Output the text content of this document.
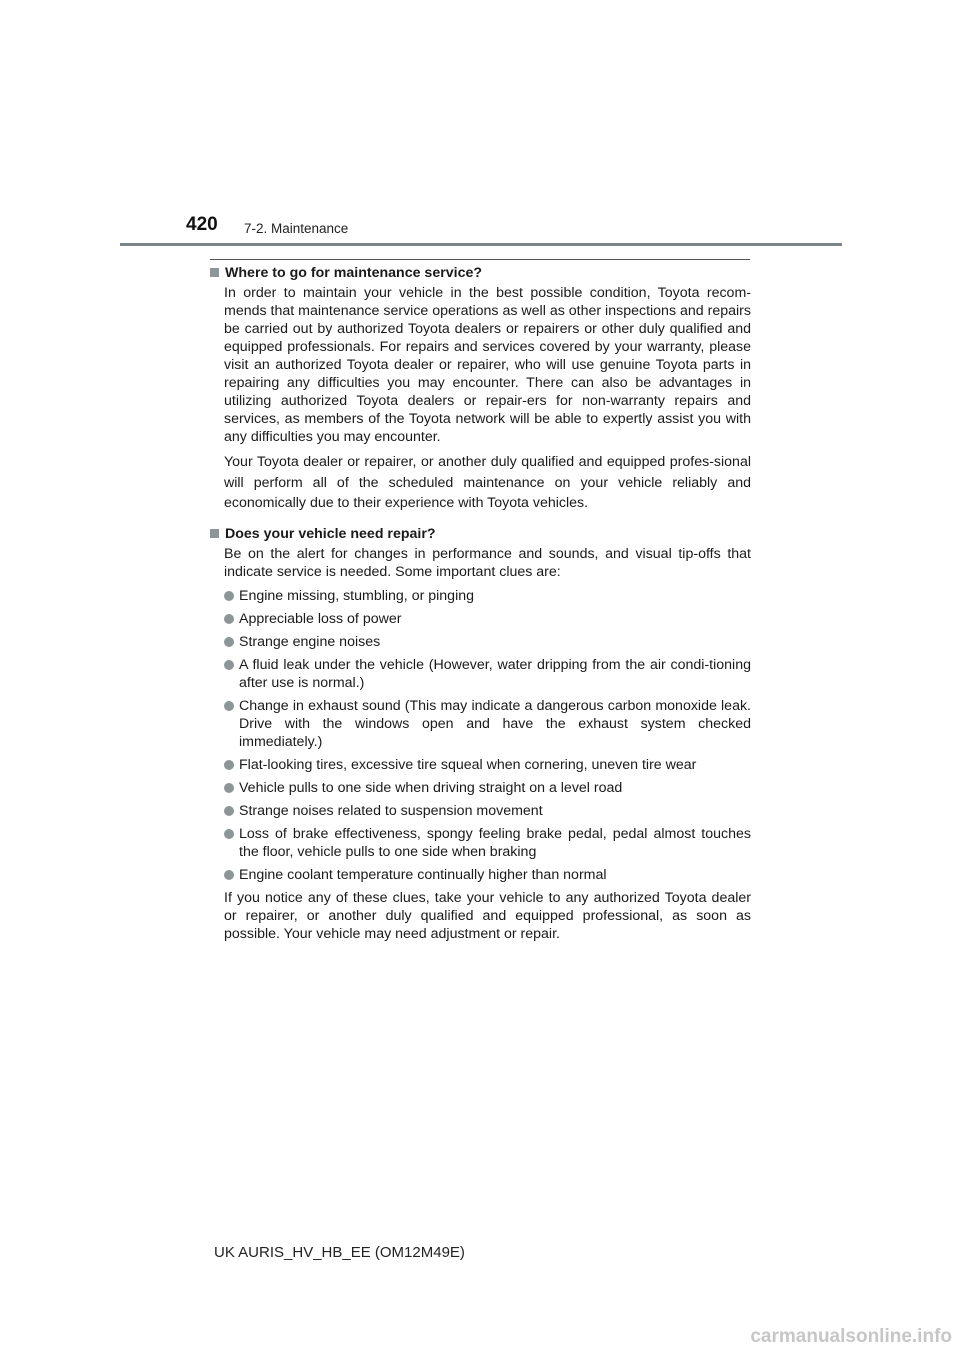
420 7-2. Maintenance
Where to go for maintenance service?

In order to maintain your vehicle in the best possible condition, Toyota recom-mends that maintenance service operations as well as other inspections and repairs be carried out by authorized Toyota dealers or repairers or other duly qualified and equipped professionals. For repairs and services covered by your warranty, please visit an authorized Toyota dealer or repairer, who will use genuine Toyota parts in repairing any difficulties you may encounter. There can also be advantages in utilizing authorized Toyota dealers or repair-ers for non-warranty repairs and services, as members of the Toyota network will be able to expertly assist you with any difficulties you may encounter.

Your Toyota dealer or repairer, or another duly qualified and equipped profes-sional will perform all of the scheduled maintenance on your vehicle reliably and economically due to their experience with Toyota vehicles.

Does your vehicle need repair?

Be on the alert for changes in performance and sounds, and visual tip-offs that indicate service is needed. Some important clues are:

Engine missing, stumbling, or pinging
Appreciable loss of power
Strange engine noises
A fluid leak under the vehicle (However, water dripping from the air condi-tioning after use is normal.)
Change in exhaust sound (This may indicate a dangerous carbon monoxide leak. Drive with the windows open and have the exhaust system checked immediately.)
Flat-looking tires, excessive tire squeal when cornering, uneven tire wear
Vehicle pulls to one side when driving straight on a level road
Strange noises related to suspension movement
Loss of brake effectiveness, spongy feeling brake pedal, pedal almost touches the floor, vehicle pulls to one side when braking
Engine coolant temperature continually higher than normal

If you notice any of these clues, take your vehicle to any authorized Toyota dealer or repairer, or another duly qualified and equipped professional, as soon as possible. Your vehicle may need adjustment or repair.

UK AURIS_HV_HB_EE (OM12M49E)
carmanualsonline.info
